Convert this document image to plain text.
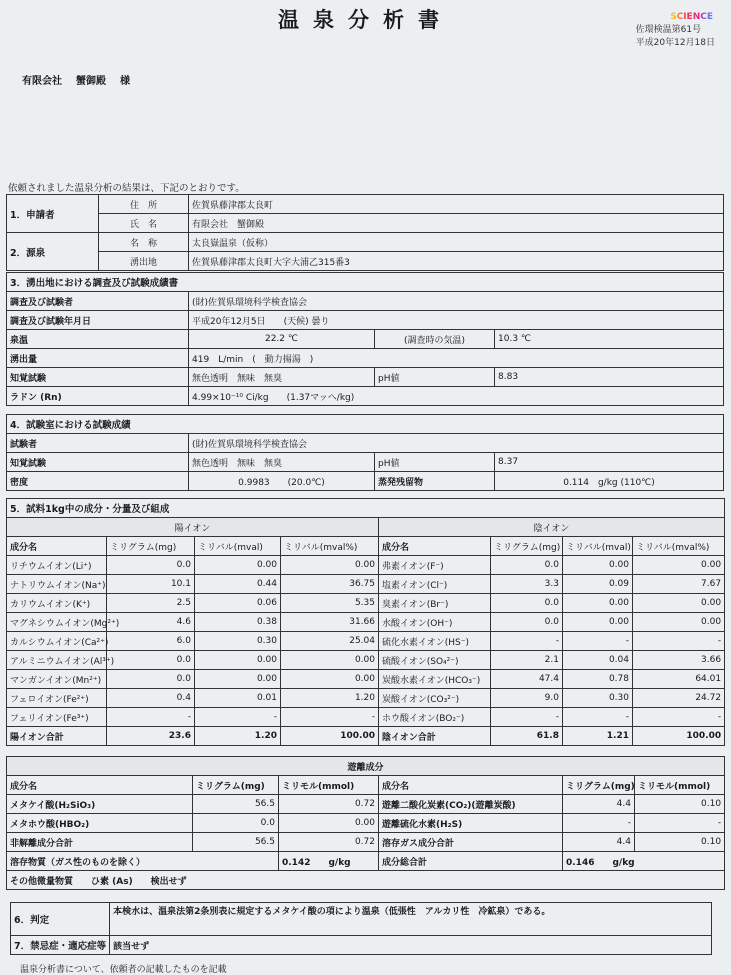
温泉分析書	SCIENCE
佐環検温第61号
平成20年12月18日
有限会社 蟹御殿 様
依頼されました温泉分析の結果は、下記のとおりです。
1．申請者	住　所	佐賀県藤津郡太良町
	氏　名	有限会社　蟹御殿
2．源泉	名　称	太良嶽温泉（仮称）
	湧出地	佐賀県藤津郡太良町大字大浦乙315番3
3．湧出地における調査及び試験成績書			
調査及び試験者	(財)佐賀県環境科学検査協会		
調査及び試験年月日	平成20年12月5日　　(天候) 曇り		
泉温	22.2 ℃	(調査時の気温)	10.3 ℃
湧出量	419　L/min　(　動力揚湯　)		
知覚試験	無色透明　無味　無臭	pH値	8.83
ラドン (Rn)	4.99×10⁻¹⁰ Ci/kg　　(1.37マッヘ/kg)		
4．試験室における試験成績			
試験者	(財)佐賀県環境科学検査協会		
知覚試験	無色透明　無味　無臭	pH値	8.37
密度	0.9983　　(20.0℃)	蒸発残留物	0.114　g/kg (110℃)
5．試料1kg中の成分・分量及び組成							
陽イオン				陰イオン			
成分名	ミリグラム(mg)	ミリバル(mval)	ミリバル(mval%)	成分名	ミリグラム(mg)	ミリバル(mval)	ミリバル(mval%)
リチウムイオン(Li⁺)	0.0	0.00	0.00	弗素イオン(F⁻)	0.0	0.00	0.00
ナトリウムイオン(Na⁺)	10.1	0.44	36.75	塩素イオン(Cl⁻)	3.3	0.09	7.67
カリウムイオン(K⁺)	2.5	0.06	5.35	臭素イオン(Br⁻)	0.0	0.00	0.00
マグネシウムイオン(Mg²⁺)	4.6	0.38	31.66	水酸イオン(OH⁻)	0.0	0.00	0.00
カルシウムイオン(Ca²⁺)	6.0	0.30	25.04	硫化水素イオン(HS⁻)	-	-	-
アルミニウムイオン(Al³⁺)	0.0	0.00	0.00	硫酸イオン(SO₄²⁻)	2.1	0.04	3.66
マンガンイオン(Mn²⁺)	0.0	0.00	0.00	炭酸水素イオン(HCO₃⁻)	47.4	0.78	64.01
フェロイオン(Fe²⁺)	0.4	0.01	1.20	炭酸イオン(CO₃²⁻)	9.0	0.30	24.72
フェリイオン(Fe³⁺)	-	-	-	ホウ酸イオン(BO₂⁻)	-	-	-
陽イオン合計	23.6	1.20	100.00	陰イオン合計	61.8	1.21	100.00
遊離成分					
成分名	ミリグラム(mg)	ミリモル(mmol)	成分名	ミリグラム(mg)	ミリモル(mmol)
メタケイ酸(H₂SiO₃)	56.5	0.72	遊離二酸化炭素(CO₂)(遊離炭酸)	4.4	0.10
メタホウ酸(HBO₂)	0.0	0.00	遊離硫化水素(H₂S)	-	-
非解離成分合計	56.5	0.72	溶存ガス成分合計	4.4	0.10
溶存物質（ガス性のものを除く）		0.142　　g/kg	成分総合計	0.146　　g/kg	
その他微量物質　　ひ素 (As)　　検出せず					
6．判定	本検水は、温泉法第2条別表に規定するメタケイ酸の項により温泉（低張性　アルカリ性　冷鉱泉）である。
7．禁忌症・適応症等	該当せず
温泉分析書について、依頼者の記載したものを記載
